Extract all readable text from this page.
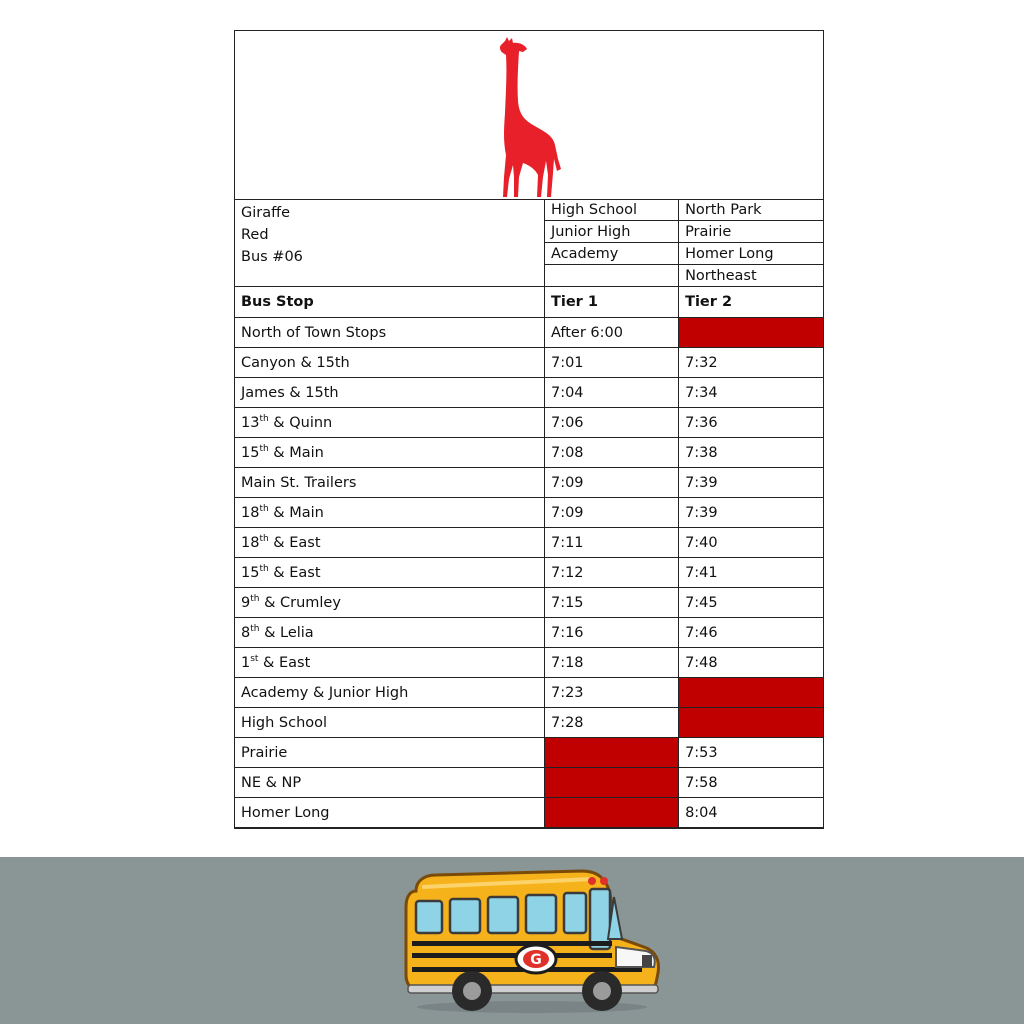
Giraffe
Red
Bus #06	High School	North Park
	Junior High	Prairie
	Academy	Homer Long
		Northeast
Bus Stop	Tier 1	Tier 2
North of Town Stops	After 6:00	
Canyon & 15th	7:01	7:32
James & 15th	7:04	7:34
13th & Quinn	7:06	7:36
15th & Main	7:08	7:38
Main St. Trailers	7:09	7:39
18th & Main	7:09	7:39
18th & East	7:11	7:40
15th & East	7:12	7:41
9th & Crumley	7:15	7:45
8th & Lelia	7:16	7:46
1st & East	7:18	7:48
Academy & Junior High	7:23	
High School	7:28	
Prairie		7:53
NE & NP		7:58
Homer Long		8:04
G
